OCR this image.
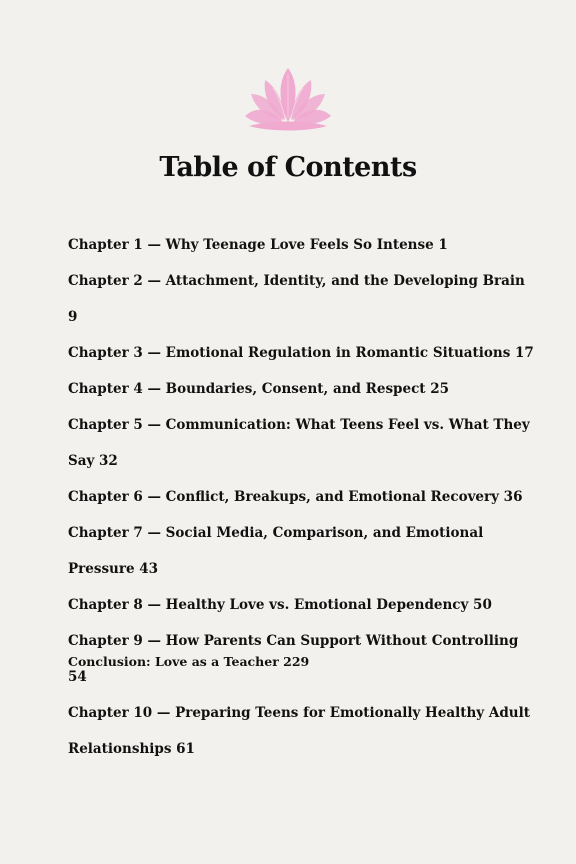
Table of Contents
Chapter 1 — Why Teenage Love Feels So Intense 1
Chapter 2 — Attachment, Identity, and the Developing Brain 9
Chapter 3 — Emotional Regulation in Romantic Situations 17
Chapter 4 — Boundaries, Consent, and Respect 25
Chapter 5 — Communication: What Teens Feel vs. What They Say 32
Chapter 6 — Conflict, Breakups, and Emotional Recovery 36
Chapter 7 — Social Media, Comparison, and Emotional Pressure 43
Chapter 8 — Healthy Love vs. Emotional Dependency 50
Chapter 9 — How Parents Can Support Without Controlling 54
Chapter 10 — Preparing Teens for Emotionally Healthy Adult Relationships 61

Conclusion: Love as a Teacher 229
